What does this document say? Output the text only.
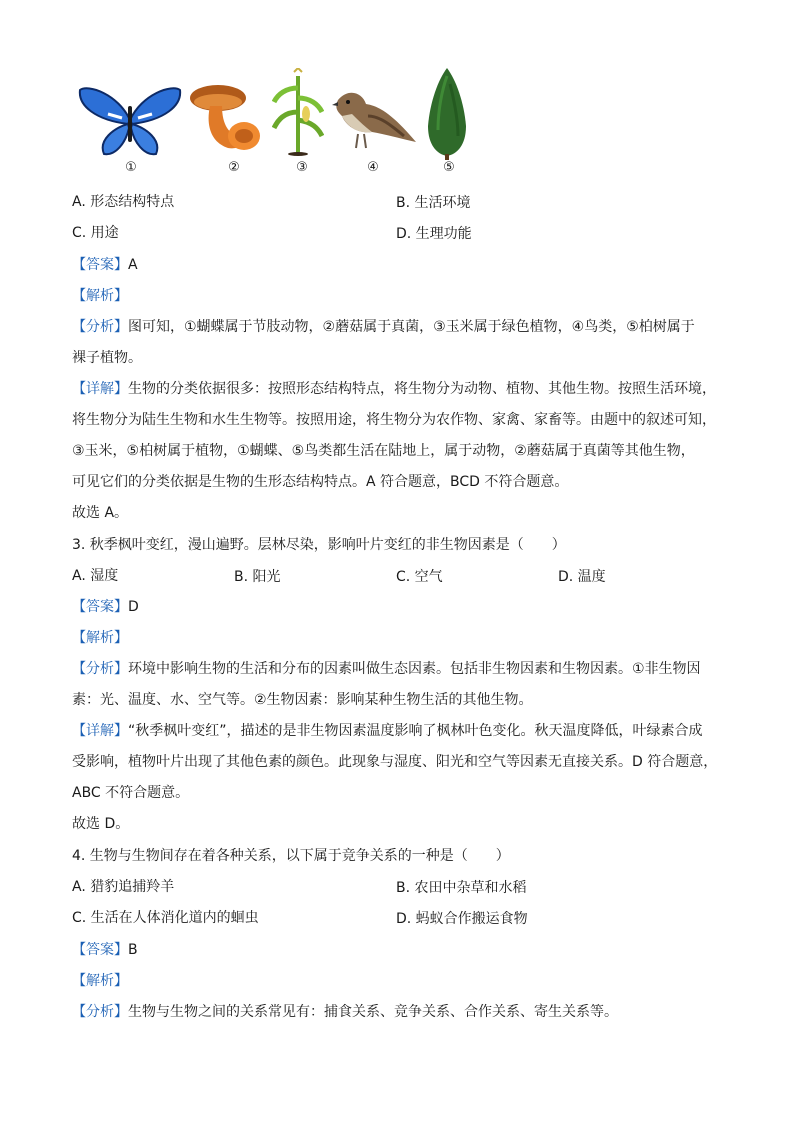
①	②	③	④	⑤
A. 形态结构特点	B. 生活环境
C. 用途	D. 生理功能
【答案】A
【解析】
【分析】图可知，①蝴蝶属于节肢动物，②蘑菇属于真菌，③玉米属于绿色植物，④鸟类，⑤柏树属于
裸子植物。
【详解】生物的分类依据很多：按照形态结构特点，将生物分为动物、植物、其他生物。按照生活环境，
将生物分为陆生生物和水生生物等。按照用途，将生物分为农作物、家禽、家畜等。由题中的叙述可知，
③玉米，⑤柏树属于植物，①蝴蝶、⑤鸟类都生活在陆地上，属于动物，②蘑菇属于真菌等其他生物，
可见它们的分类依据是生物的生形态结构特点。A 符合题意，BCD 不符合题意。
故选 A。
3. 秋季枫叶变红，漫山遍野。层林尽染，影响叶片变红的非生物因素是（　　）
A. 湿度	B. 阳光	C. 空气	D. 温度
【答案】D
【解析】
【分析】环境中影响生物的生活和分布的因素叫做生态因素。包括非生物因素和生物因素。①非生物因
素：光、温度、水、空气等。②生物因素：影响某种生物生活的其他生物。
【详解】“秋季枫叶变红”，描述的是非生物因素温度影响了枫林叶色变化。秋天温度降低，叶绿素合成
受影响，植物叶片出现了其他色素的颜色。此现象与湿度、阳光和空气等因素无直接关系。D 符合题意，
ABC 不符合题意。
故选 D。
4. 生物与生物间存在着各种关系，以下属于竞争关系的一种是（　　）
A. 猎豹追捕羚羊	B. 农田中杂草和水稻
C. 生活在人体消化道内的蛔虫	D. 蚂蚁合作搬运食物
【答案】B
【解析】
【分析】生物与生物之间的关系常见有：捕食关系、竞争关系、合作关系、寄生关系等。
